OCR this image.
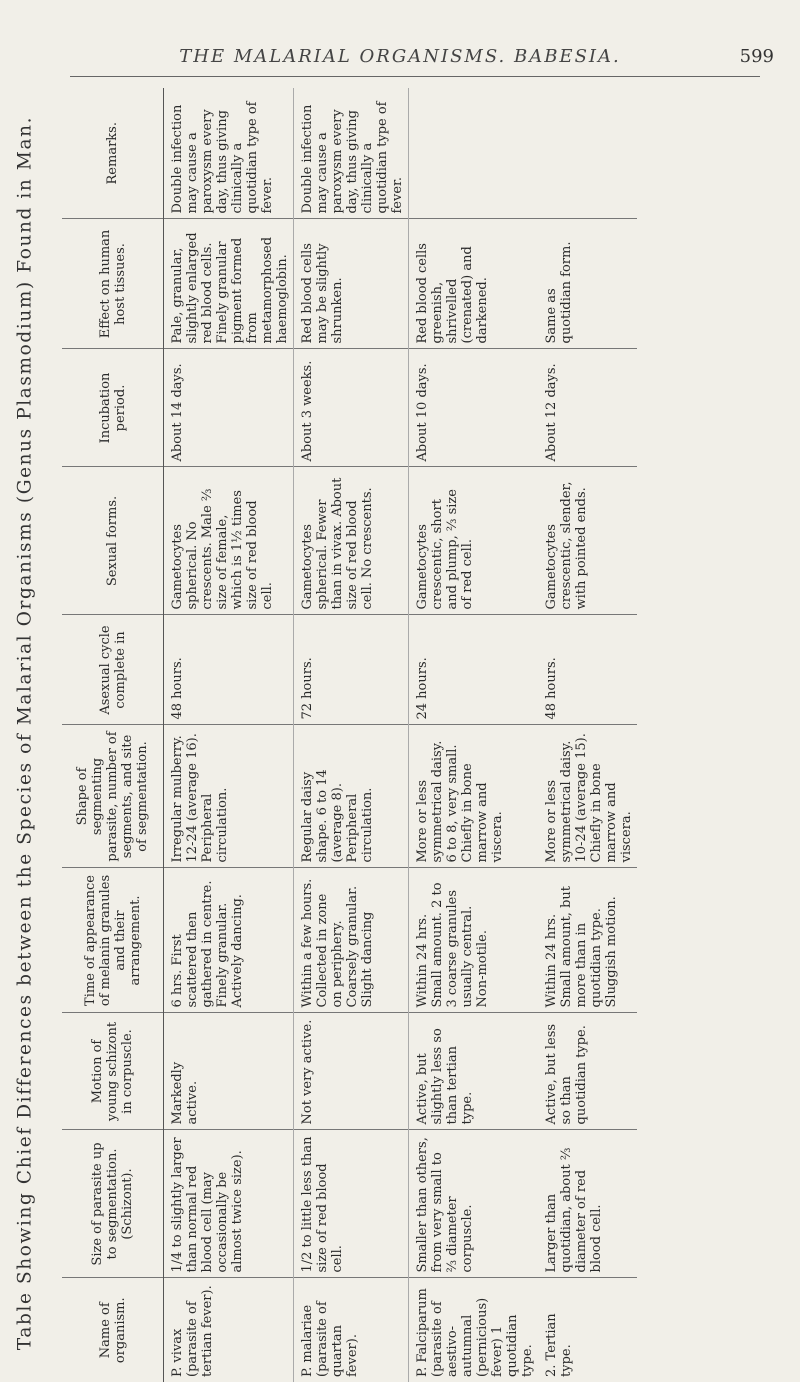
THE MALARIAL ORGANISMS. BABESIA.	599
Table Showing Chief Differences between the Species of Malarial Organisms (Genus Plasmodium) Found in Man.	Name of organism.	Size of parasite up to segmentation. (Schizont).	Motion of young schizont in corpuscle.	Time of appearance of melanin granules and their arrangement.	Shape of segmenting parasite, number of segments, and site of segmentation.	Asexual cycle complete in	Sexual forms.	Incubation period.	Effect on human host tissues.	Remarks.
P. vivax (parasite of tertian fever).	1/4 to slightly larger than normal red blood cell (may occasionally be almost twice size).	Markedly active.	6 hrs. First scattered then gathered in centre. Finely granular. Actively dancing.	Irregular mulberry. 12-24 (average 16). Peripheral circulation.	48 hours.	Gametocytes spherical. No crescents. Male ⅔ size of female, which is 1½ times size of red blood cell.	About 14 days.	Pale, granular, slightly enlarged red blood cells. Finely granular pigment formed from metamorphosed haemoglobin.	Double infection may cause a paroxysm every day, thus giving clinically a quotidian type of fever.
P. malariae (parasite of quartan fever).	1/2 to little less than size of red blood cell.	Not very active.	Within a few hours. Collected in zone on periphery. Coarsely granular. Slight dancing	Regular daisy shape. 6 to 14 (average 8). Peripheral circulation.	72 hours.	Gametocytes spherical. Fewer than in vivax. About size of red blood cell. No crescents.	About 3 weeks.	Red blood cells may be slightly shrunken.	Double infection may cause a paroxysm every day, thus giving clinically a quotidian type of fever.
P. Falciparum (parasite of aestivo-autumnal (pernicious) fever) 1 quotidian type.	Smaller than others, from very small to ⅔ diameter corpuscle.	Active, but slightly less so than tertian type.	Within 24 hrs. Small amount. 2 to 3 coarse granules usually central. Non-motile.	More or less symmetrical daisy. 6 to 8, very small. Chiefly in bone marrow and viscera.	24 hours.	Gametocytes crescentic, short and plump, ⅔ size of red cell.	About 10 days.	Red blood cells greenish, shrivelled (crenated) and darkened.	
2. Tertian type.	Larger than quotidian, about ⅔ diameter of red blood cell.	Active, but less so than quotidian type.	Within 24 hrs. Small amount, but more than in quotidian type. Sluggish motion.	More or less symmetrical daisy. 10-24 (average 15). Chiefly in bone marrow and viscera.	48 hours.	Gametocytes crescentic, slender, with pointed ends.	About 12 days.	Same as quotidian form.	
